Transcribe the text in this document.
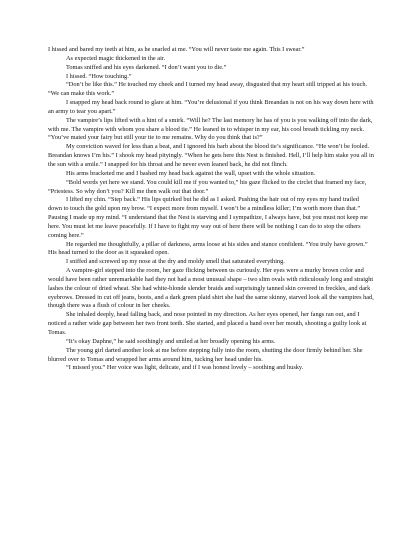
I hissed and bared my teeth at him, as he snarled at me. “You will never taste me again. This I swear.”

As expected magic thickened in the air.

Tomas sniffed and his eyes darkened. “I don’t want you to die.”

I hissed. “How touching.”

“Don’t be like this.” He touched my cheek and I turned my head away, disgusted that my heart still tripped at his touch. “We can make this work.”

I snapped my head back round to glare at him. “You’re delusional if you think Breandan is not on his way down here with an army to tear you apart.”

The vampire’s lips lifted with a hint of a smirk. “Will he? The last memory he has of you is you walking off into the dark, with me. The vampire with whom you share a blood tie.” He leaned in to whisper in my ear, his cool breath tickling my neck. “You’ve mated your fairy but still your tie to me remains. Why do you think that is?”

My conviction waved for less than a beat, and I ignored his barb about the blood tie’s significance. “He won’t be fooled. Breandan knows I’m his.” I shook my head pityingly. “When he gets here this Nest is finished. Hell, I’ll help him stake you all in the sun with a smile.” I snapped for his throat and he never even leaned back, he did not flinch.

His arms bracketed me and I bashed my head back against the wall, upset with the whole situation.

“Bold words yet here we stand. You could kill me if you wanted to,” his gaze flicked to the circlet that framed my face, “Priestess. So why don’t you? Kill me then walk out that door.”

I lifted my chin. “Step back.” His lips quirked but he did as I asked. Pushing the hair out of my eyes my hand trailed down to touch the gold upon my brow. “I expect more from myself. I won’t be a mindless killer; I’m worth more than that.” Pausing I made up my mind. “I understand that the Nest is starving and I sympathize, I always have, but you must not keep me here. You must let me leave peacefully. If I have to fight my way out of here there will be nothing I can do to stop the others coming here.”

He regarded me thoughtfully, a pillar of darkness, arms loose at his sides and stance confident. “You truly have grown.” His head turned to the door as it squeaked open.

I sniffed and screwed up my nose at the dry and moldy smell that saturated everything.

A vampire-girl stepped into the room, her gaze flicking between us curiously. Her eyes were a murky brown color and would have been rather unremarkable had they not had a most unusual shape – two slim ovals with ridiculously long and straight lashes the colour of dried wheat. She had white-blonde slender braids and surprisingly tanned skin covered in freckles, and dark eyebrows. Dressed in cut off jeans, boots, and a dark green plaid shirt she had the same skinny, starved look all the vampires had, though there was a flush of colour in her cheeks.

She inhaled deeply, head falling back, and nose pointed in my direction. As her eyes opened, her fangs ran out, and I noticed a rather wide gap between her two front teeth. She started, and placed a hand over her mouth, shooting a guilty look at Tomas.

“It’s okay Daphne,” he said soothingly and smiled at her broadly opening his arms.

The young girl darted another look at me before stepping fully into the room, shutting the door firmly behind her. She blurred over to Tomas and wrapped her arms around him, tucking her head under his.

“I missed you.” Her voice was light, delicate, and if I was honest lovely – soothing and husky.
